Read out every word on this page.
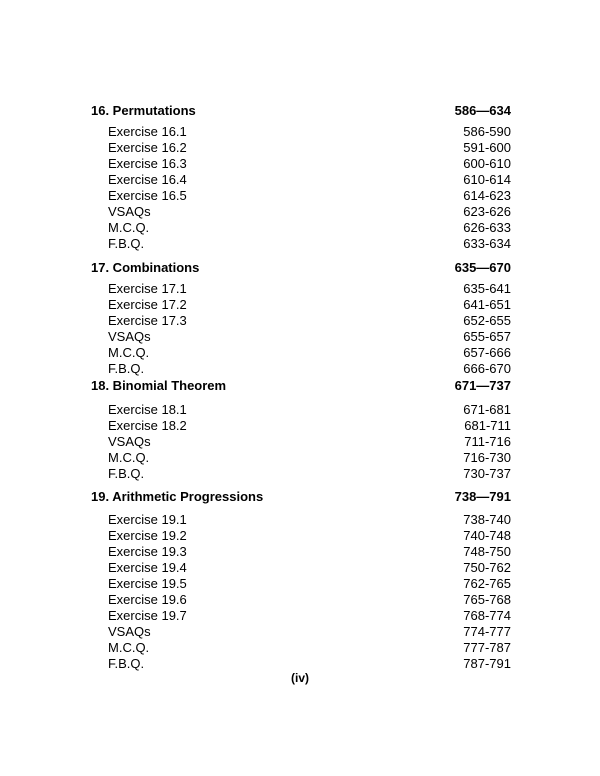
16. Permutations	586—634
Exercise 16.1	586-590
Exercise 16.2	591-600
Exercise 16.3	600-610
Exercise 16.4	610-614
Exercise 16.5	614-623
VSAQs	623-626
M.C.Q.	626-633
F.B.Q.	633-634
17. Combinations	635—670
Exercise 17.1	635-641
Exercise 17.2	641-651
Exercise 17.3	652-655
VSAQs	655-657
M.C.Q.	657-666
F.B.Q.	666-670
18. Binomial Theorem	671—737
Exercise 18.1	671-681
Exercise 18.2	681-711
VSAQs	711-716
M.C.Q.	716-730
F.B.Q.	730-737
19. Arithmetic Progressions	738—791
Exercise 19.1	738-740
Exercise 19.2	740-748
Exercise 19.3	748-750
Exercise 19.4	750-762
Exercise 19.5	762-765
Exercise 19.6	765-768
Exercise 19.7	768-774
VSAQs	774-777
M.C.Q.	777-787
F.B.Q.	787-791
(iv)
